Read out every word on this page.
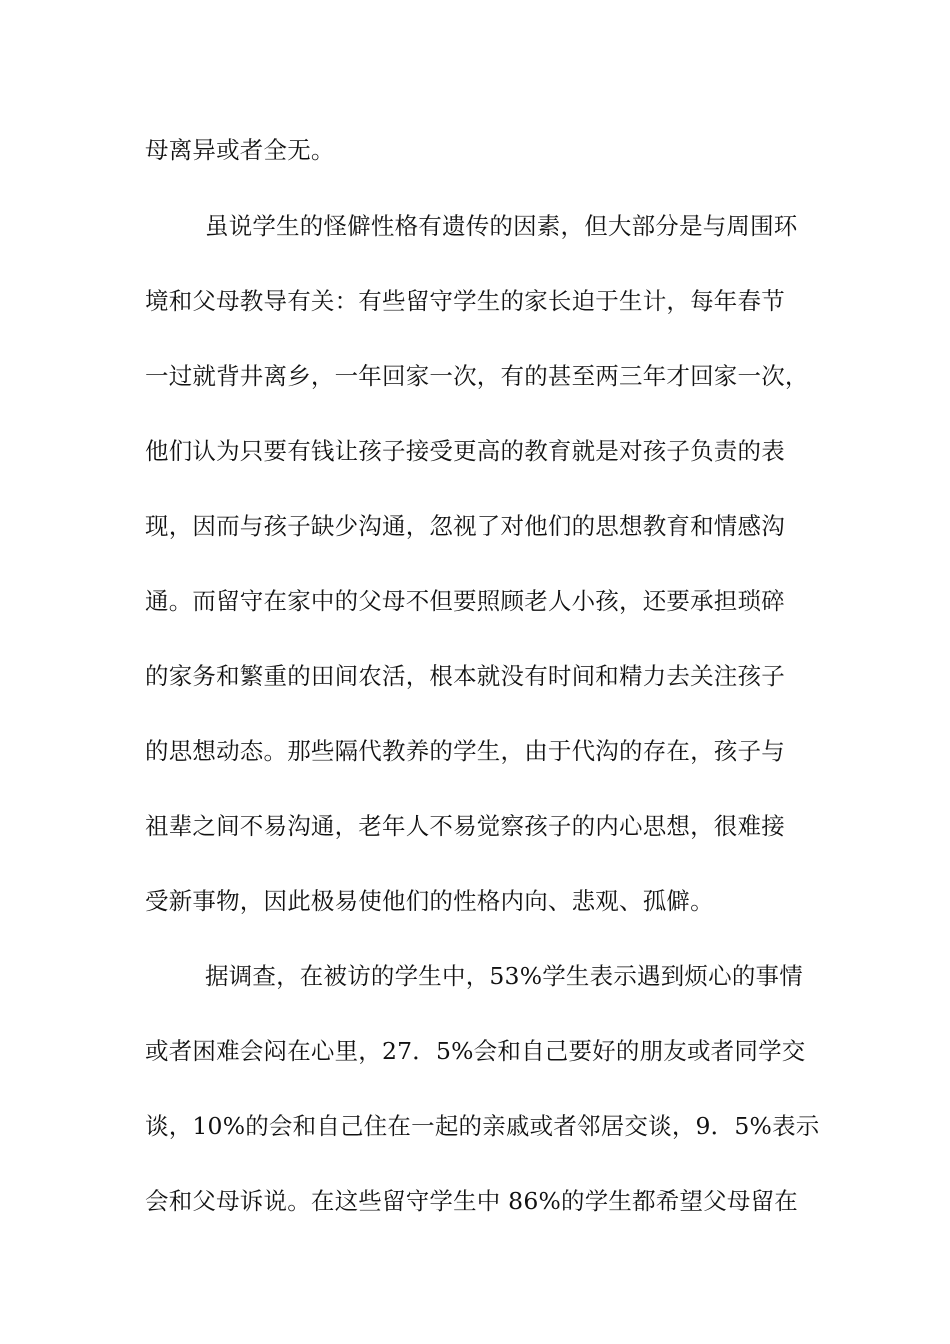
母离异或者全无。
虽说学生的怪僻性格有遗传的因素，但大部分是与周围环
境和父母教导有关：有些留守学生的家长迫于生计，每年春节
一过就背井离乡，一年回家一次，有的甚至两三年才回家一次，
他们认为只要有钱让孩子接受更高的教育就是对孩子负责的表
现，因而与孩子缺少沟通，忽视了对他们的思想教育和情感沟
通。而留守在家中的父母不但要照顾老人小孩，还要承担琐碎
的家务和繁重的田间农活，根本就没有时间和精力去关注孩子
的思想动态。那些隔代教养的学生，由于代沟的存在，孩子与
祖辈之间不易沟通，老年人不易觉察孩子的内心思想，很难接
受新事物，因此极易使他们的性格内向、悲观、孤僻。
据调查，在被访的学生中，53%学生表示遇到烦心的事情
或者困难会闷在心里，27．5%会和自己要好的朋友或者同学交
谈，10%的会和自己住在一起的亲戚或者邻居交谈，9．5%表示
会和父母诉说。在这些留守学生中 86%的学生都希望父母留在
